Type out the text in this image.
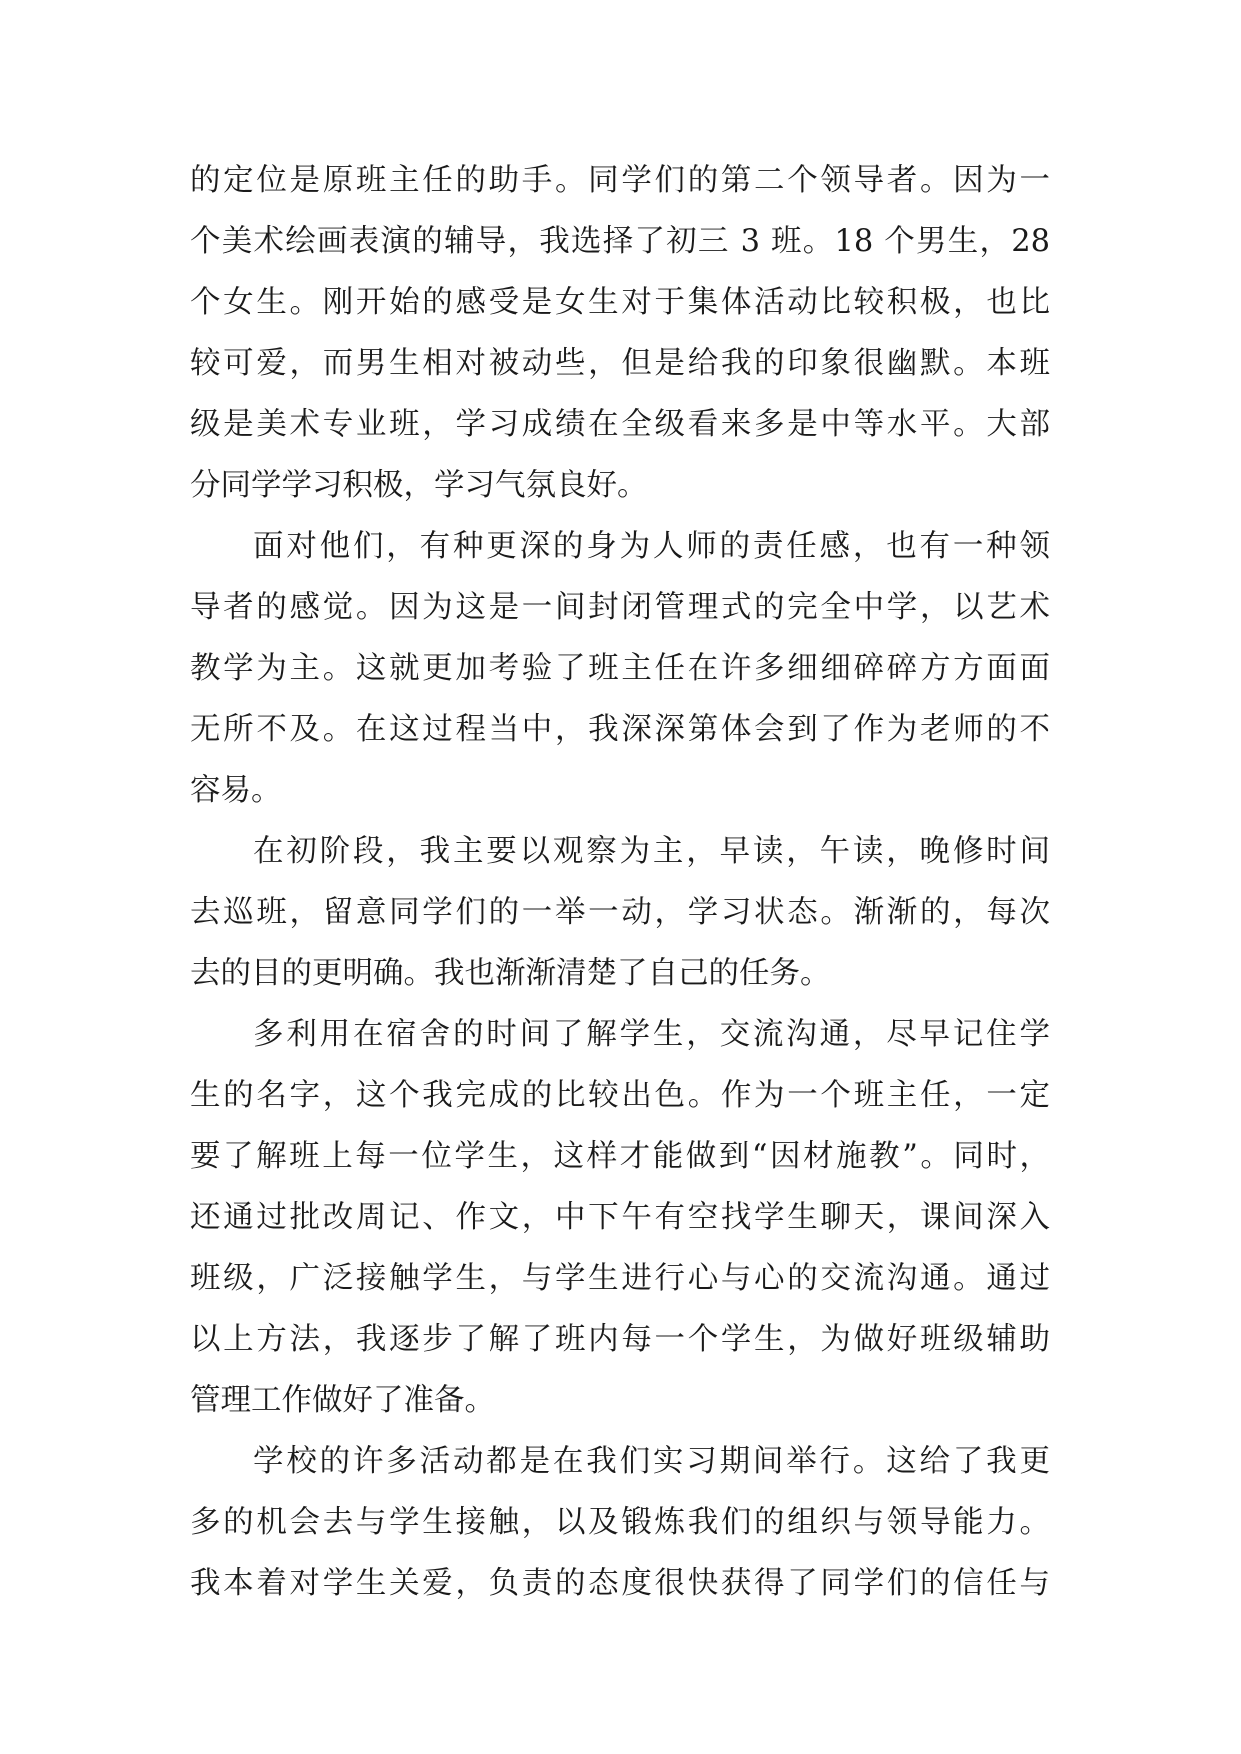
的定位是原班主任的助手。同学们的第二个领导者。因为一
个美术绘画表演的辅导，我选择了初三 3 班。18 个男生，28
个女生。刚开始的感受是女生对于集体活动比较积极，也比
较可爱，而男生相对被动些，但是给我的印象很幽默。本班
级是美术专业班，学习成绩在全级看来多是中等水平。大部
分同学学习积极，学习气氛良好。
面对他们，有种更深的身为人师的责任感，也有一种领
导者的感觉。因为这是一间封闭管理式的完全中学，以艺术
教学为主。这就更加考验了班主任在许多细细碎碎方方面面
无所不及。在这过程当中，我深深第体会到了作为老师的不
容易。
在初阶段，我主要以观察为主，早读，午读，晚修时间
去巡班，留意同学们的一举一动，学习状态。渐渐的，每次
去的目的更明确。我也渐渐清楚了自己的任务。
多利用在宿舍的时间了解学生，交流沟通，尽早记住学
生的名字，这个我完成的比较出色。作为一个班主任，一定
要了解班上每一位学生，这样才能做到“因材施教”。同时，
还通过批改周记、作文，中下午有空找学生聊天，课间深入
班级，广泛接触学生，与学生进行心与心的交流沟通。通过
以上方法，我逐步了解了班内每一个学生，为做好班级辅助
管理工作做好了准备。
学校的许多活动都是在我们实习期间举行。这给了我更
多的机会去与学生接触，以及锻炼我们的组织与领导能力。
我本着对学生关爱，负责的态度很快获得了同学们的信任与
